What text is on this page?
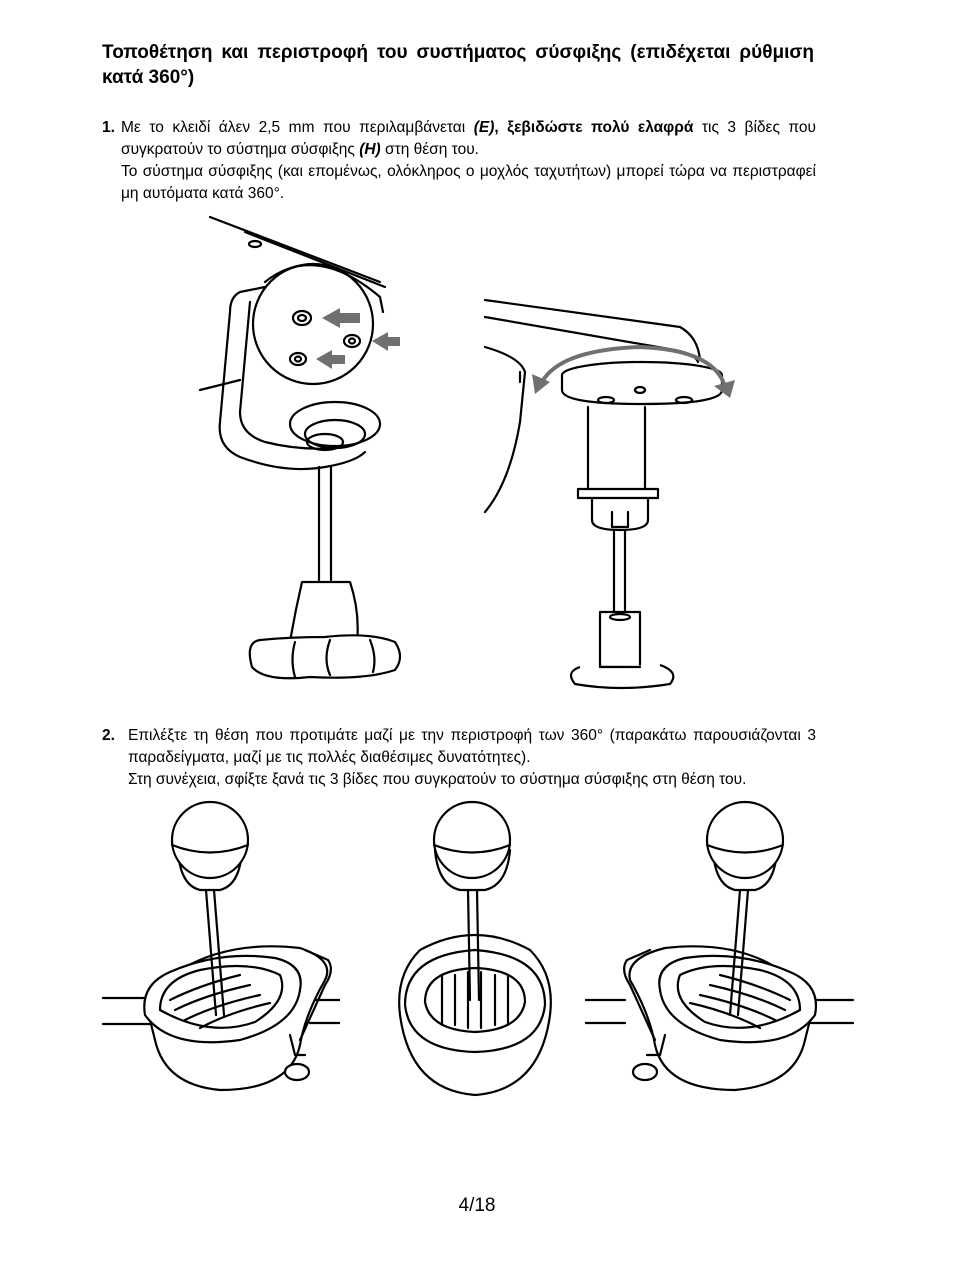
Τοποθέτηση και περιστροφή του συστήματος σύσφιξης (επιδέχεται ρύθμιση κατά 360°)
1. Με το κλειδί άλεν 2,5 mm που περιλαμβάνεται (E), ξεβιδώστε πολύ ελαφρά τις 3 βίδες που συγκρατούν το σύστημα σύσφιξης (H) στη θέση του.

Το σύστημα σύσφιξης (και επομένως, ολόκληρος ο μοχλός ταχυτήτων) μπορεί τώρα να περιστραφεί μη αυτόματα κατά 360°.

2. Επιλέξτε τη θέση που προτιμάτε μαζί με την περιστροφή των 360° (παρακάτω παρουσιάζονται 3 παραδείγματα, μαζί με τις πολλές διαθέσιμες δυνατότητες).

Στη συνέχεια, σφίξτε ξανά τις 3 βίδες που συγκρατούν το σύστημα σύσφιξης στη θέση του.

4/18
